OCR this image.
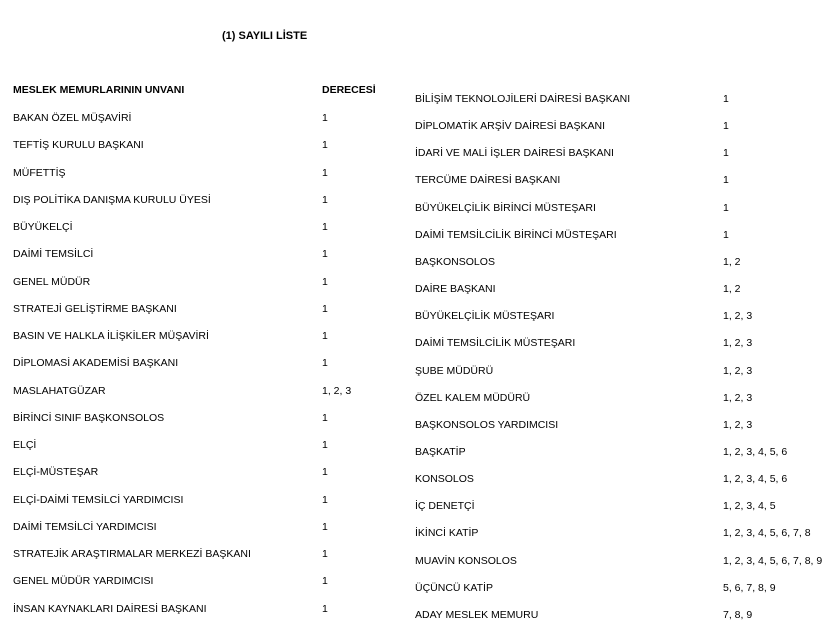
(1) SAYILI LİSTE
MESLEK MEMURLARININ UNVANI	DERECESİ
BAKAN ÖZEL MÜŞAVİRİ	1
TEFTİŞ KURULU BAŞKANI	1
MÜFETTİŞ	1
DIŞ POLİTİKA DANIŞMA KURULU ÜYESİ	1
BÜYÜKELÇİ	1
DAİMİ TEMSİLCİ	1
GENEL MÜDÜR	1
STRATEJİ GELİŞTİRME BAŞKANI	1
BASIN VE HALKLA İLİŞKİLER MÜŞAVİRİ	1
DİPLOMASİ AKADEMİSİ BAŞKANI	1
MASLAHATGÜZAR	1, 2, 3
BİRİNCİ SINIF BAŞKONSOLOS	1
ELÇİ	1
ELÇİ-MÜSTEŞAR	1
ELÇİ-DAİMİ TEMSİLCİ YARDIMCISI	1
DAİMİ TEMSİLCİ YARDIMCISI	1
STRATEJİK ARAŞTIRMALAR MERKEZİ BAŞKANI	1
GENEL MÜDÜR YARDIMCISI	1
İNSAN KAYNAKLARI DAİRESİ BAŞKANI	1
BİLİŞİM TEKNOLOJİLERİ DAİRESİ BAŞKANI	1
DİPLOMATİK ARŞİV DAİRESİ BAŞKANI	1
İDARİ VE MALİ İŞLER DAİRESİ BAŞKANI	1
TERCÜME DAİRESİ BAŞKANI	1
BÜYÜKELÇİLİK BİRİNCİ MÜSTEŞARI	1
DAİMİ TEMSİLCİLİK BİRİNCİ MÜSTEŞARI	1
BAŞKONSOLOS	1, 2
DAİRE BAŞKANI	1, 2
BÜYÜKELÇİLİK MÜSTEŞARI	1, 2, 3
DAİMİ TEMSİLCİLİK MÜSTEŞARI	1, 2, 3
ŞUBE MÜDÜRÜ	1, 2, 3
ÖZEL KALEM MÜDÜRÜ	1, 2, 3
BAŞKONSOLOS YARDIMCISI	1, 2, 3
BAŞKATİP	1, 2, 3, 4, 5, 6
KONSOLOS	1, 2, 3, 4, 5, 6
İÇ DENETÇİ	1, 2, 3, 4, 5
İKİNCİ KATİP	1, 2, 3, 4, 5, 6, 7, 8
MUAVİN KONSOLOS	1, 2, 3, 4, 5, 6, 7, 8, 9
ÜÇÜNCÜ KATİP	5, 6, 7, 8, 9
ADAY MESLEK MEMURU	7, 8, 9
